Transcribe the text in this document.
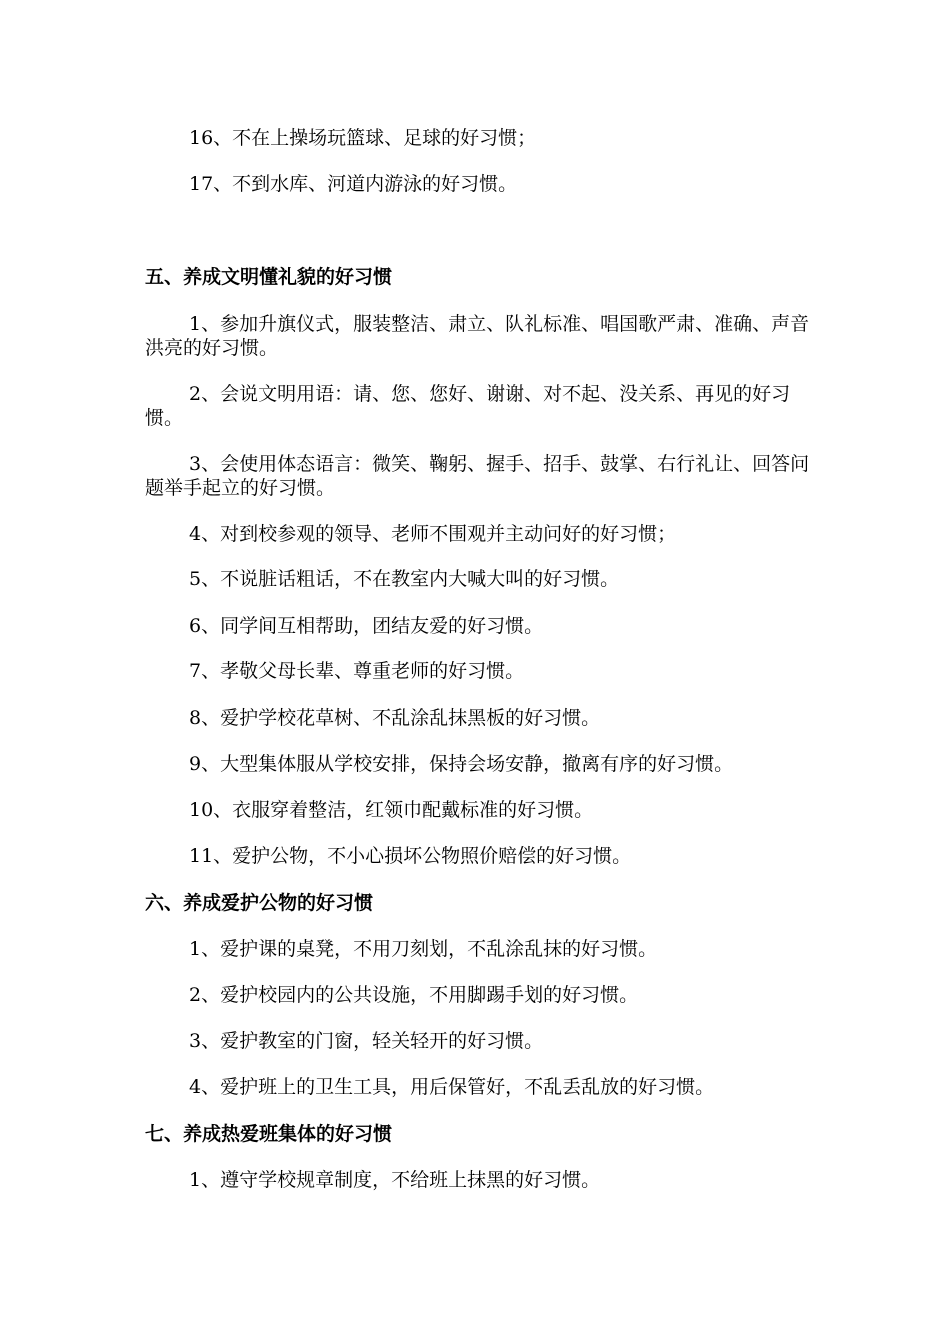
16、不在上操场玩篮球、足球的好习惯；
17、不到水库、河道内游泳的好习惯。
五、养成文明懂礼貌的好习惯
1、参加升旗仪式，服装整洁、肃立、队礼标准、唱国歌严肃、准确、声音洪亮的好习惯。
2、会说文明用语：请、您、您好、谢谢、对不起、没关系、再见的好习惯。
3、会使用体态语言：微笑、鞠躬、握手、招手、鼓掌、右行礼让、回答问题举手起立的好习惯。
4、对到校参观的领导、老师不围观并主动问好的好习惯；
5、不说脏话粗话，不在教室内大喊大叫的好习惯。
6、同学间互相帮助，团结友爱的好习惯。
7、孝敬父母长辈、尊重老师的好习惯。
8、爱护学校花草树、不乱涂乱抹黑板的好习惯。
9、大型集体服从学校安排，保持会场安静，撤离有序的好习惯。
10、衣服穿着整洁，红领巾配戴标准的好习惯。
11、爱护公物，不小心损坏公物照价赔偿的好习惯。
六、养成爱护公物的好习惯
1、爱护课的桌凳，不用刀刻划，不乱涂乱抹的好习惯。
2、爱护校园内的公共设施，不用脚踢手划的好习惯。
3、爱护教室的门窗，轻关轻开的好习惯。
4、爱护班上的卫生工具，用后保管好，不乱丢乱放的好习惯。
七、养成热爱班集体的好习惯
1、遵守学校规章制度，不给班上抹黑的好习惯。
